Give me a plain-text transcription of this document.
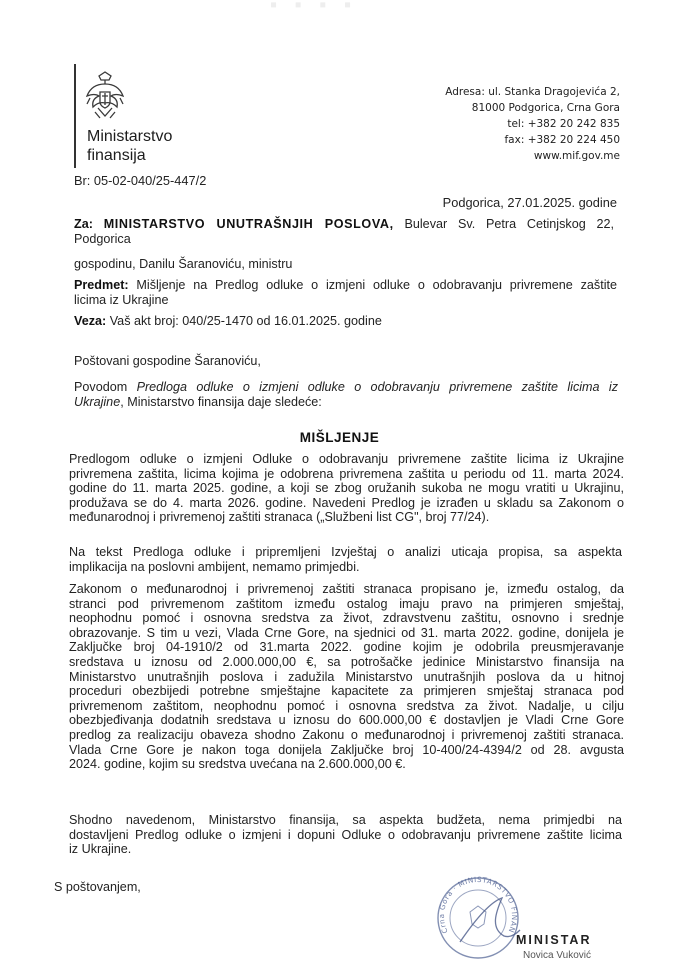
▪ ▪ ▪ ▪
Ministarstvo
finansija
Adresa: ul. Stanka Dragojevića 2,
81000 Podgorica, Crna Gora
tel: +382 20 242 835
fax: +382 20 224 450
www.mif.gov.me
Br: 05-02-040/25-447/2
Podgorica, 27.01.2025. godine
Za: MINISTARSTVO UNUTRAŠNJIH POSLOVA, Bulevar Sv. Petra Cetinjskog 22,
Podgorica
gospodinu, Danilu Šaranoviću, ministru
Predmet: Mišljenje na Predlog odluke o izmjeni odluke o odobravanju privremene zaštite
licima iz Ukrajine
Veza: Vaš akt broj: 040/25-1470 od 16.01.2025. godine
Poštovani gospodine Šaranoviću,
Povodom Predloga odluke o izmjeni odluke o odobravanju privremene zaštite licima iz
Ukrajine, Ministarstvo finansija daje sledeće:
MIŠLJENJE
Predlogom odluke o izmjeni Odluke o odobravanju privremene zaštite licima iz Ukrajine
privremena zaštita, licima kojima je odobrena privremena zaštita u periodu od 11. marta 2024.
godine do 11. marta 2025. godine, a koji se zbog oružanih sukoba ne mogu vratiti u Ukrajinu,
produžava se do 4. marta 2026. godine. Navedeni Predlog je izrađen u skladu sa Zakonom o
međunarodnoj i privremenoj zaštiti stranaca („Službeni list CG", broj 77/24).
Na tekst Predloga odluke i pripremljeni Izvještaj o analizi uticaja propisa, sa aspekta
implikacija na poslovni ambijent, nemamo primjedbi.
Zakonom o međunarodnoj i privremenoj zaštiti stranaca propisano je, između ostalog, da
stranci pod privremenom zaštitom između ostalog imaju pravo na primjeren smještaj,
neophodnu pomoć i osnovna sredstva za život, zdravstvenu zaštitu, osnovno i srednje
obrazovanje. S tim u vezi, Vlada Crne Gore, na sjednici od 31. marta 2022. godine, donijela je
Zaključke broj 04-1910/2 od 31.marta 2022. godine kojim je odobrila preusmjeravanje
sredstava u iznosu od 2.000.000,00 €, sa potrošačke jedinice Ministarstvo finansija na
Ministarstvo unutrašnjih poslova i zadužila Ministarstvo unutrašnjih poslova da u hitnoj
proceduri obezbijedi potrebne smještajne kapacitete za primjeren smještaj stranaca pod
privremenom zaštitom, neophodnu pomoć i osnovna sredstva za život. Nadalje, u cilju
obezbjeđivanja dodatnih sredstava u iznosu do 600.000,00 € dostavljen je Vladi Crne Gore
predlog za realizaciju obaveza shodno Zakonu o međunarodnoj i privremenoj zaštiti stranaca.
Vlada Crne Gore je nakon toga donijela Zaključke broj 10-400/24-4394/2 od 28. avgusta
2024. godine, kojim su sredstva uvećana na 2.600.000,00 €.
Shodno navedenom, Ministarstvo finansija, sa aspekta budžeta, nema primjedbi na
dostavljeni Predlog odluke o izmjeni i dopuni Odluke o odobravanju privremene zaštite licima
iz Ukrajine.
S poštovanjem,
Crna Gora · MINISTARSTVO FINAN
MINISTAR
Novica Vuković
